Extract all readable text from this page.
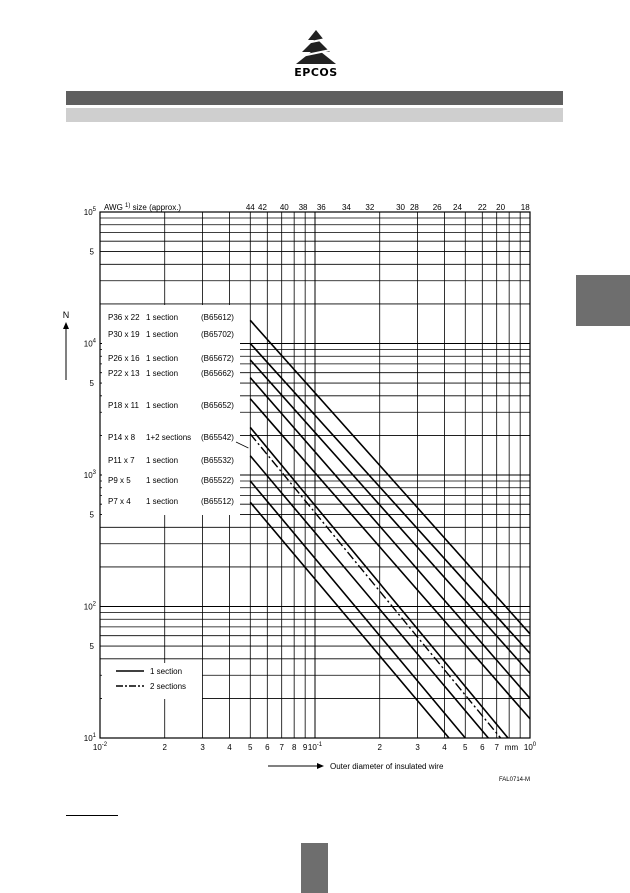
EPCOS
P36 x 22 1 section	(B65612)
P30 x 19 1 section	(B65702)
P26 x 16 1 section	(B65672)
P22 x 13 1 section	(B65662)
P18 x 11 1 section	(B65652)
P14 x 8 1+2 sections (B65542)
P11 x 7 1 section	(B65532)
P9 x 5 1 section	(B65522)
P7 x 4 1 section	(B65512)
1 section
2 sections
$10^5$
5
$10^4$
5
$10^3$
5
$10^2$
5
$10^1$
$10^{-2}$	2	3	4 5 6 7 8 9 $10^{-1}$	2	3	4 5 6 7	$10^0$
mm
AWG $^{1)}$ size (approx.)	44 42 40 38 36 34 32	30 28 26 24 22 20 18
N
Outer diameter of insulated wire
FAL0714-M
